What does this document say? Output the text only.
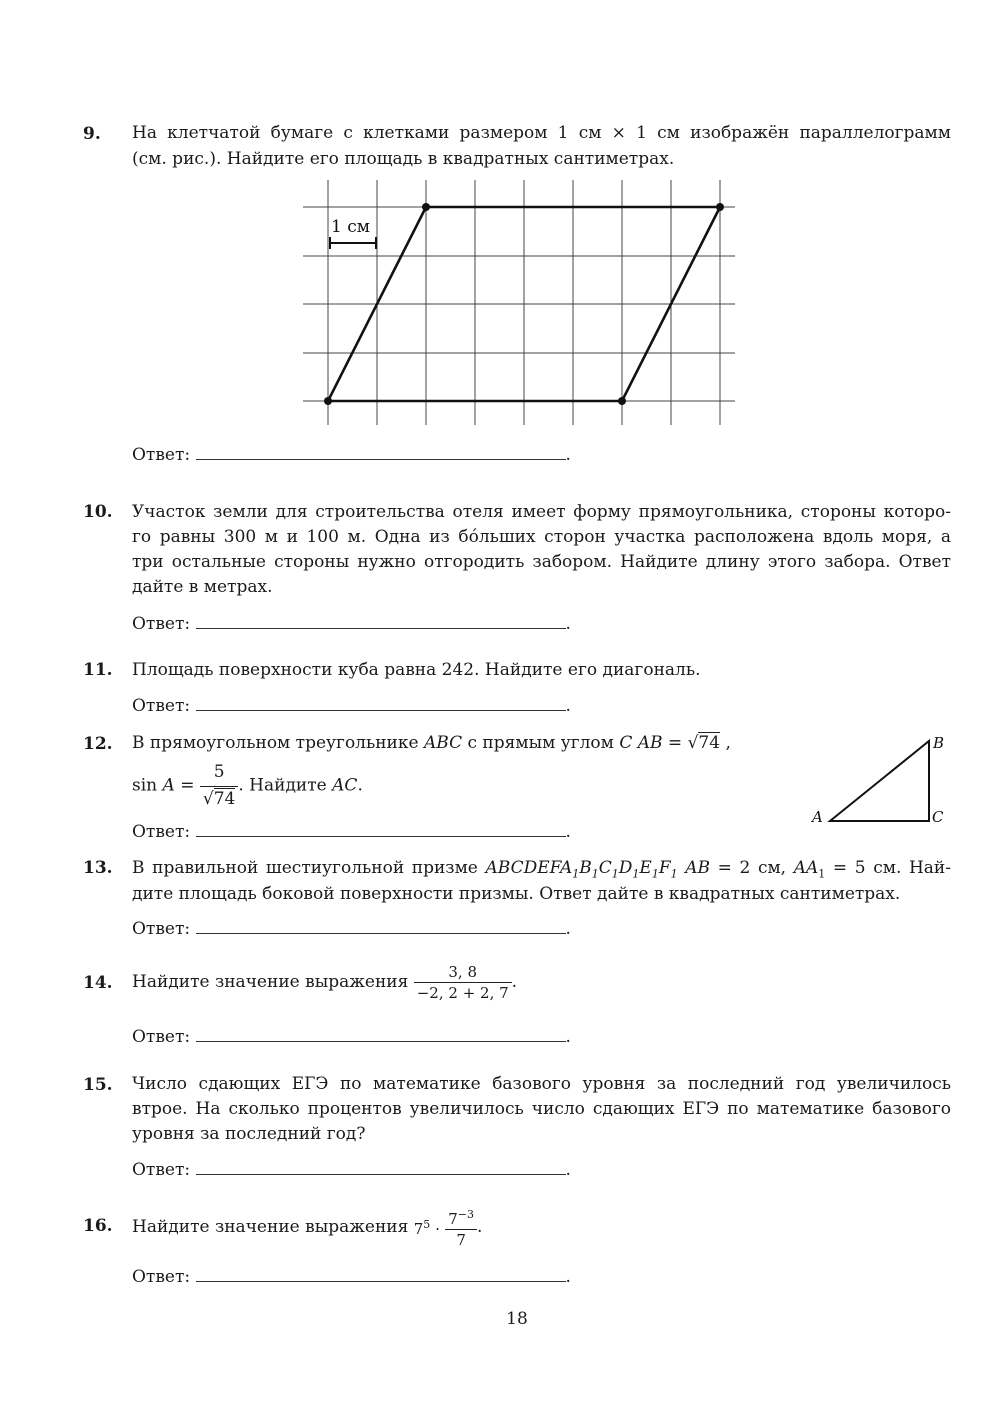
9. На клетчатой бумаге с клетками размером 1 см × 1 см изображён параллелограмм
(см. рис.). Найдите его площадь в квадратных сантиметрах.
1 см
Ответ:	.
10. Участок земли для строительства отеля имеет форму прямоугольника, стороны которо-
го равны 300 м и 100 м. Одна из бóльших сторон участка расположена вдоль моря, а
три остальные стороны нужно отгородить забором. Найдите длину этого забора. Ответ
дайте в метрах.
Ответ:	.
11. Площадь поверхности куба равна 242. Найдите его диагональ.
Ответ:	.
12. В прямоугольном треугольнике ABC с прямым углом C AB = √74 ,
$\sin A = \frac{5}{√74}$ . Найдите AC.
A
B
C
Ответ:	.
13. В правильной шестиугольной призме $ABCDEFA_1B_1C_1D_1E_1F_1$ AB = 2 см, $AA_1 = 5$ см. Най-
дите площадь боковой поверхности призмы. Ответ дайте в квадратных сантиметрах.
Ответ:	.
14. Найдите значение выражения $\frac{3, 8}{-2, 2 + 2, 7}$ .
Ответ:	.
15. Число сдающих ЕГЭ по математике базового уровня за последний год увеличилось
втрое. На сколько процентов увеличилось число сдающих ЕГЭ по математике базового
уровня за последний год?
Ответ:	.
16. Найдите значение выражения $7^5 \cdot \frac{7^{-3}}{7}$ .
Ответ:	.
18
